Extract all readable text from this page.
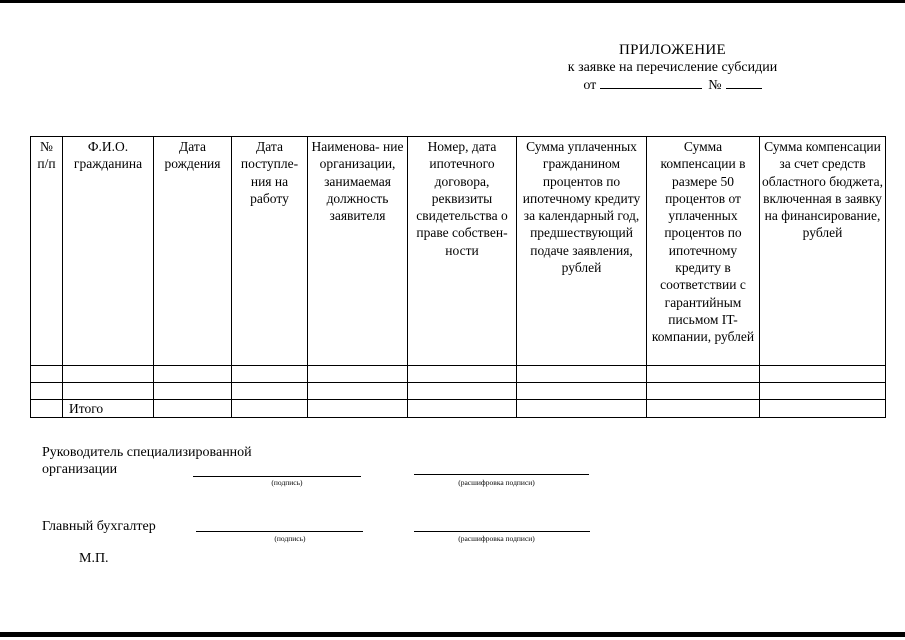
ПРИЛОЖЕНИЕ
к заявке на перечисление субсидии
от	№
№ п/п	Ф.И.О. гражданина	Дата рождения	Дата поступле- ния на работу	Наименова- ние организации, занимаемая должность заявителя	Номер, дата ипотечного договора, реквизиты свидетельства о праве собствен- ности	Сумма уплаченных гражданином процентов по ипотечному кредиту за календарный год, предшествующий подаче заявления, рублей	Сумма компенсации в размере 50 процентов от уплаченных процентов по ипотечному кредиту в соответствии с гарантийным письмом IT-компании, рублей	Сумма компенсации за счет средств областного бюджета, включенная в заявку на финансирование, рублей

	Итого							
Руководитель специализированной
организации
(подпись)	(расшифровка подписи)
Главный бухгалтер
(подпись)	(расшифровка подписи)
М.П.
